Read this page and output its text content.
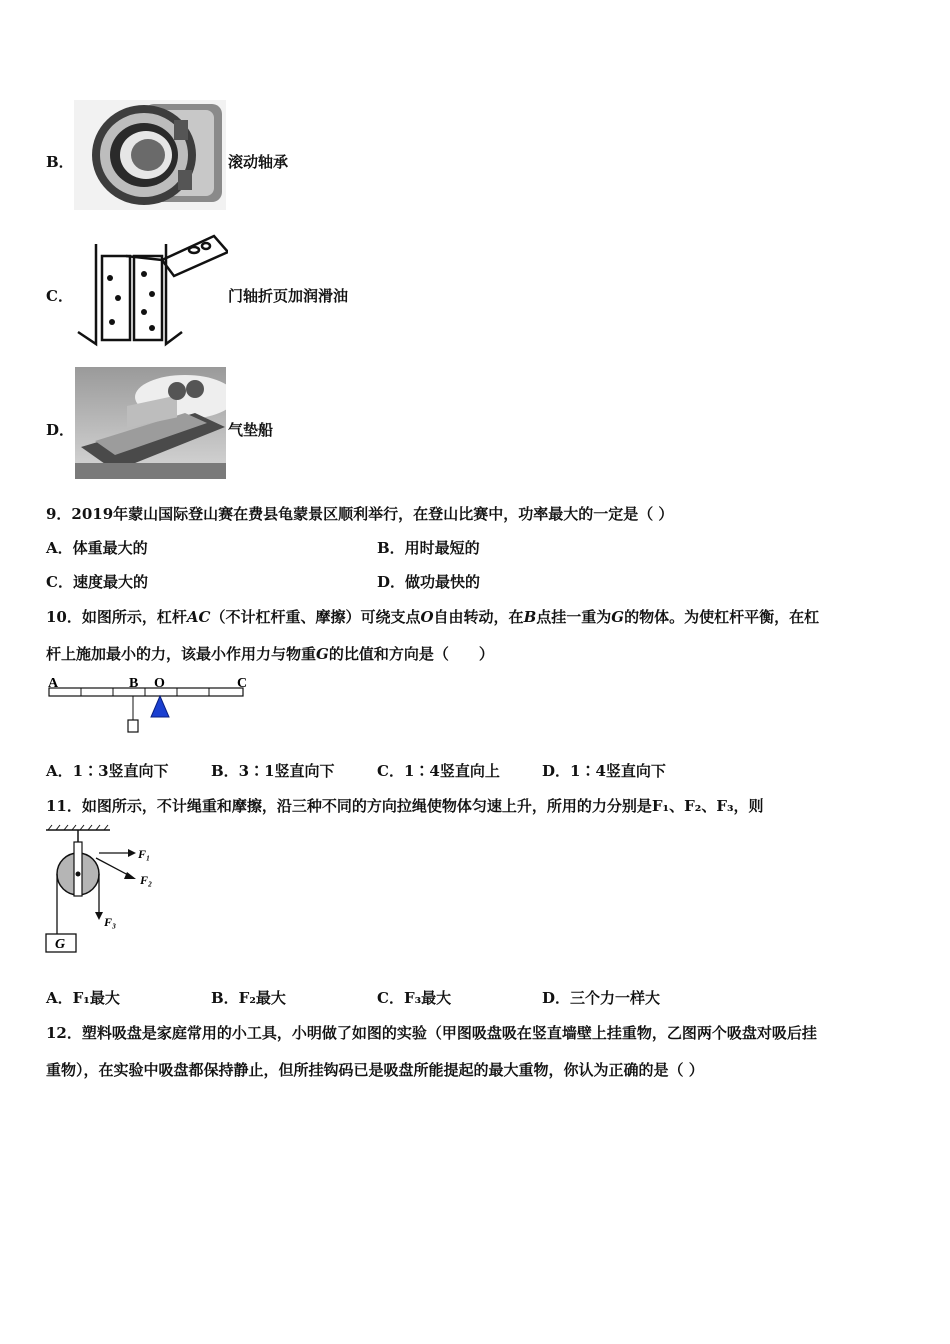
B．	滚动轴承
C．	门轴折页加润滑油
D．	气垫船
9．2019年蒙山国际登山赛在费县龟蒙景区顺利举行，在登山比赛中，功率最大的一定是（ ）
A．体重最大的	B．用时最短的
C．速度最大的	D．做功最快的
10．如图所示，杠杆AC（不计杠杆重、摩擦）可绕支点O自由转动，在B点挂一重为G的物体。为使杠杆平衡，在杠
杆上施加最小的力，该最小作用力与物重G的比值和方向是（　　）
A	B O	C
A．1∶3竖直向下	B．3∶1竖直向下	C．1∶4竖直向上	D．1∶4竖直向下
11．如图所示，不计绳重和摩擦，沿三种不同的方向拉绳使物体匀速上升，所用的力分别是F₁、F₂、F₃，则
G
F₁
F₂
F₃
A．F₁最大	B．F₂最大	C．F₃最大	D．三个力一样大
12．塑料吸盘是家庭常用的小工具，小明做了如图的实验（甲图吸盘吸在竖直墙壁上挂重物，乙图两个吸盘对吸后挂
重物），在实验中吸盘都保持静止，但所挂钩码已是吸盘所能提起的最大重物，你认为正确的是（ ）
